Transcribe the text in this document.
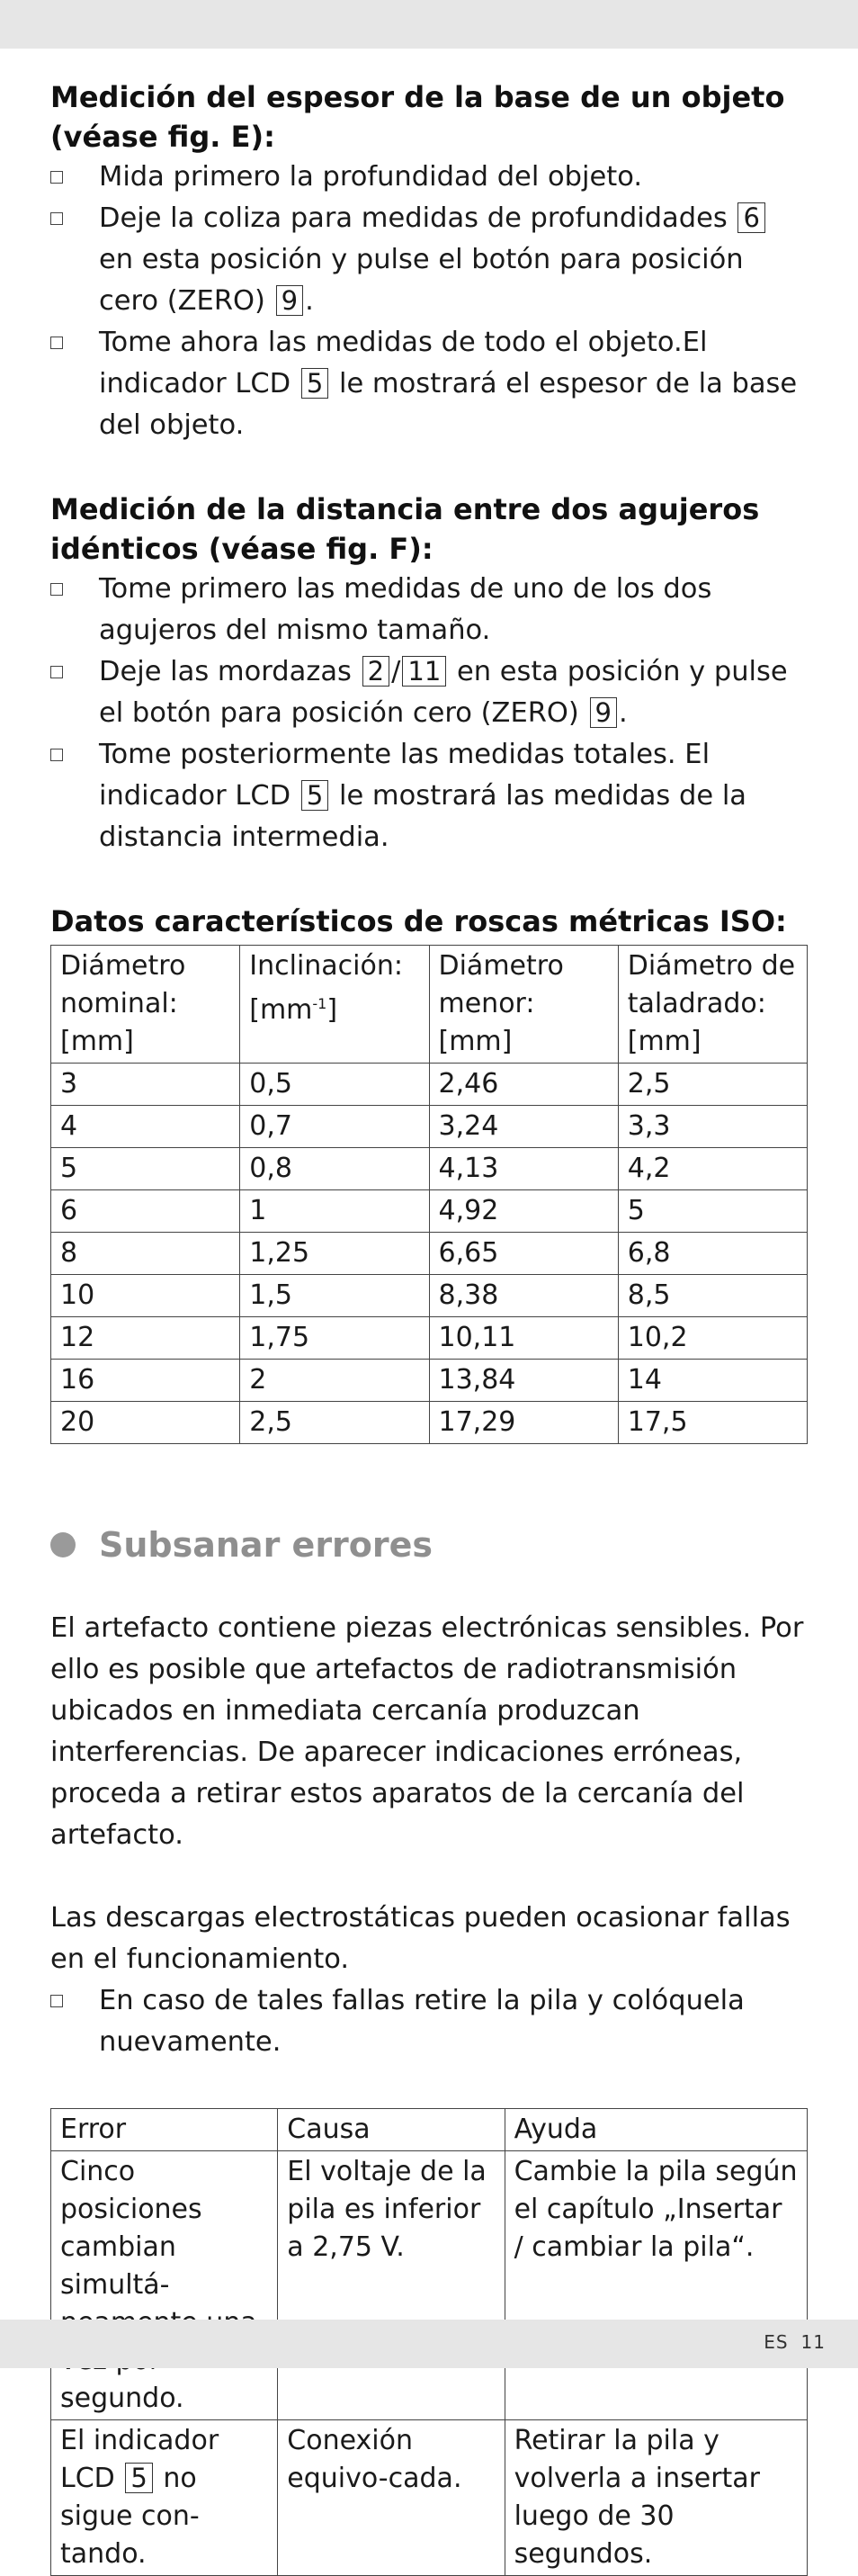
Medición del espesor de la base de un objeto (véase fig. E):
Mida primero la profundidad del objeto.
Deje la coliza para medidas de profundidades 6 en esta posición y pulse el botón para posición cero (ZERO) 9 .
Tome ahora las medidas de todo el objeto.El indicador LCD 5 le mostrará el espesor de la base del objeto.
Medición de la distancia entre dos agujeros idénticos (véase fig. F):
Tome primero las medidas de uno de los dos agujeros del mismo tamaño.
Deje las mordazas 2 / 11 en esta posición y pulse el botón para posición cero (ZERO) 9 .
Tome posteriormente las medidas totales. El indicador LCD 5 le mostrará las medidas de la distancia intermedia.
Datos característicos de roscas métricas ISO:
Diámetro nominal: [mm]	Inclinación: $[mm^{-1}]$	Diámetro menor: [mm]	Diámetro de taladrado: [mm]
3	0,5	2,46	2,5
4	0,7	3,24	3,3
5	0,8	4,13	4,2
6	1	4,92	5
8	1,25	6,65	6,8
10	1,5	8,38	8,5
12	1,75	10,11	10,2
16	2	13,84	14
20	2,5	17,29	17,5
Subsanar errores

El artefacto contiene piezas electrónicas sensibles. Por ello es posible que artefactos de radiotransmisión ubicados en inmediata cercanía produzcan interferencias. De aparecer indicaciones erróneas, proceda a retirar estos aparatos de la cercanía del artefacto.

Las descargas electrostáticas pueden ocasionar fallas en el funcionamiento.

En caso de tales fallas retire la pila y colóquela nuevamente.
Error	Causa	Ayuda
Cinco posiciones cambian simultá- segundo.	El voltaje de la pila es inferior a 2,75 V.	Cambie la pila según el capítulo „Insertar / cambiar la pila“.
El indicador LCD 5 no sigue con-tando.	Conexión equivo-cada.	Retirar la pila y volverla a insertar luego de 30 segundos.
ES 11
